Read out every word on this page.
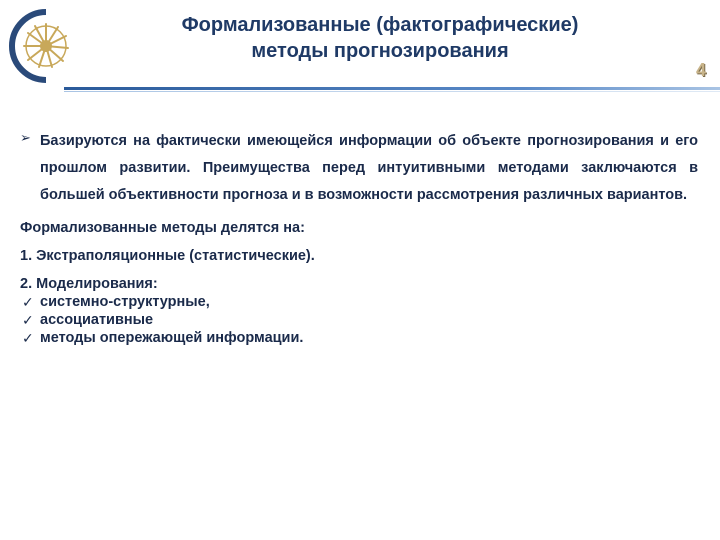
Формализованные (фактографические)
методы прогнозирования
4
➢ Базируются на фактически имеющейся информации об объекте прогнозирования и его прошлом развитии. Преимущества перед интуитивными методами заключаются в большей объективности прогноза и в возможности рассмотрения различных вариантов.

Формализованные методы делятся на:

1. Экстраполяционные (статистические).

2. Моделирования:

✓ системно-структурные,
✓ ассоциативные
✓ методы опережающей информации.
